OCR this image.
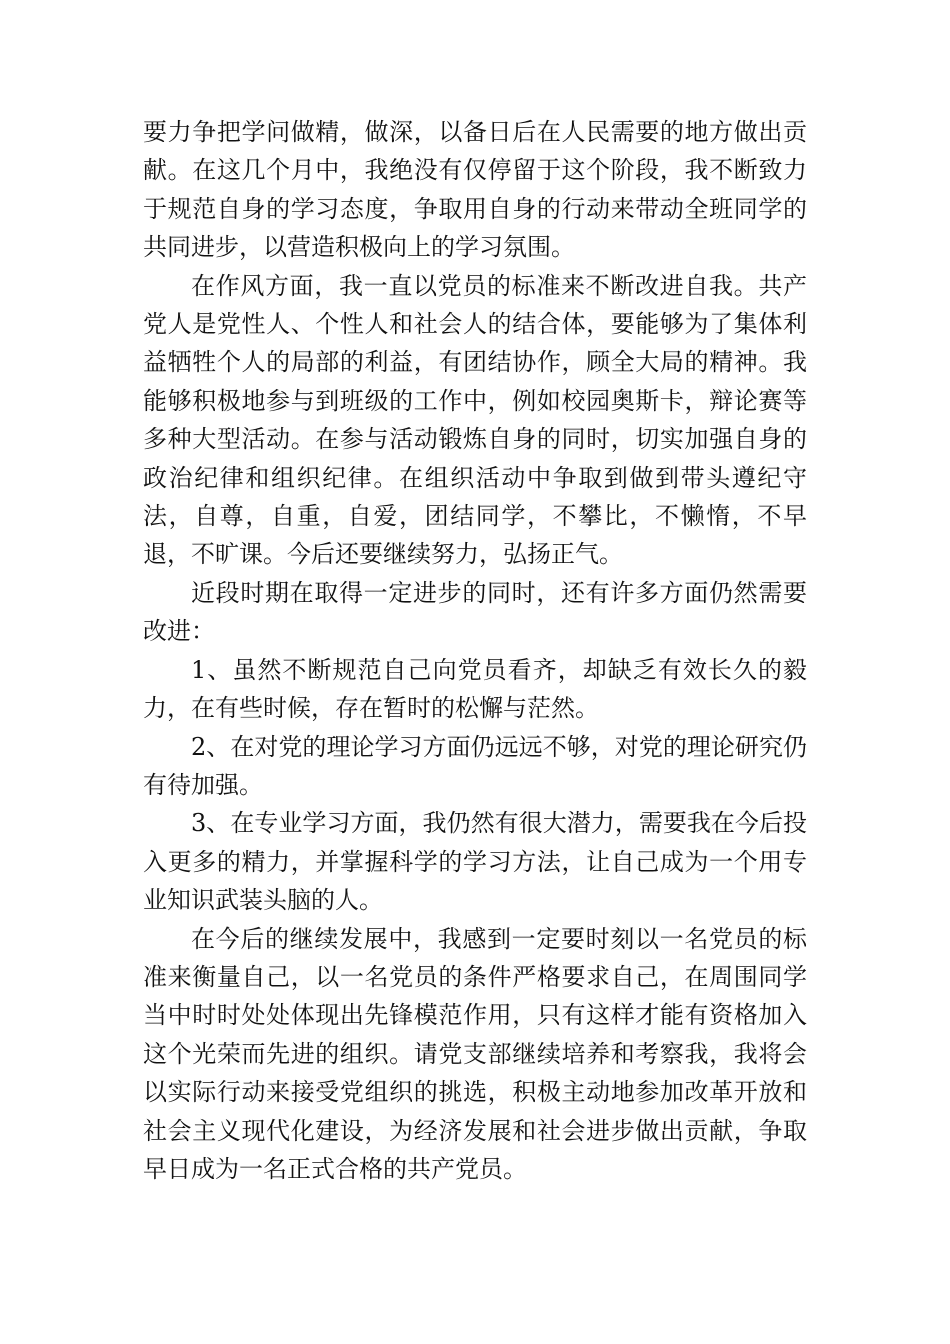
要力争把学问做精，做深，以备日后在人民需要的地方做出贡献。在这几个月中，我绝没有仅停留于这个阶段，我不断致力于规范自身的学习态度，争取用自身的行动来带动全班同学的共同进步，以营造积极向上的学习氛围。

在作风方面，我一直以党员的标准来不断改进自我。共产党人是党性人、个性人和社会人的结合体，要能够为了集体利益牺牲个人的局部的利益，有团结协作，顾全大局的精神。我能够积极地参与到班级的工作中，例如校园奥斯卡，辩论赛等多种大型活动。在参与活动锻炼自身的同时，切实加强自身的政治纪律和组织纪律。在组织活动中争取到做到带头遵纪守法，自尊，自重，自爱，团结同学，不攀比，不懒惰，不早退，不旷课。今后还要继续努力，弘扬正气。

近段时期在取得一定进步的同时，还有许多方面仍然需要改进：

1、虽然不断规范自己向党员看齐，却缺乏有效长久的毅力，在有些时候，存在暂时的松懈与茫然。

2、在对党的理论学习方面仍远远不够，对党的理论研究仍有待加强。

3、在专业学习方面，我仍然有很大潜力，需要我在今后投入更多的精力，并掌握科学的学习方法，让自己成为一个用专业知识武装头脑的人。

在今后的继续发展中，我感到一定要时刻以一名党员的标准来衡量自己，以一名党员的条件严格要求自己，在周围同学当中时时处处体现出先锋模范作用，只有这样才能有资格加入这个光荣而先进的组织。请党支部继续培养和考察我，我将会以实际行动来接受党组织的挑选，积极主动地参加改革开放和社会主义现代化建设，为经济发展和社会进步做出贡献，争取早日成为一名正式合格的共产党员。
